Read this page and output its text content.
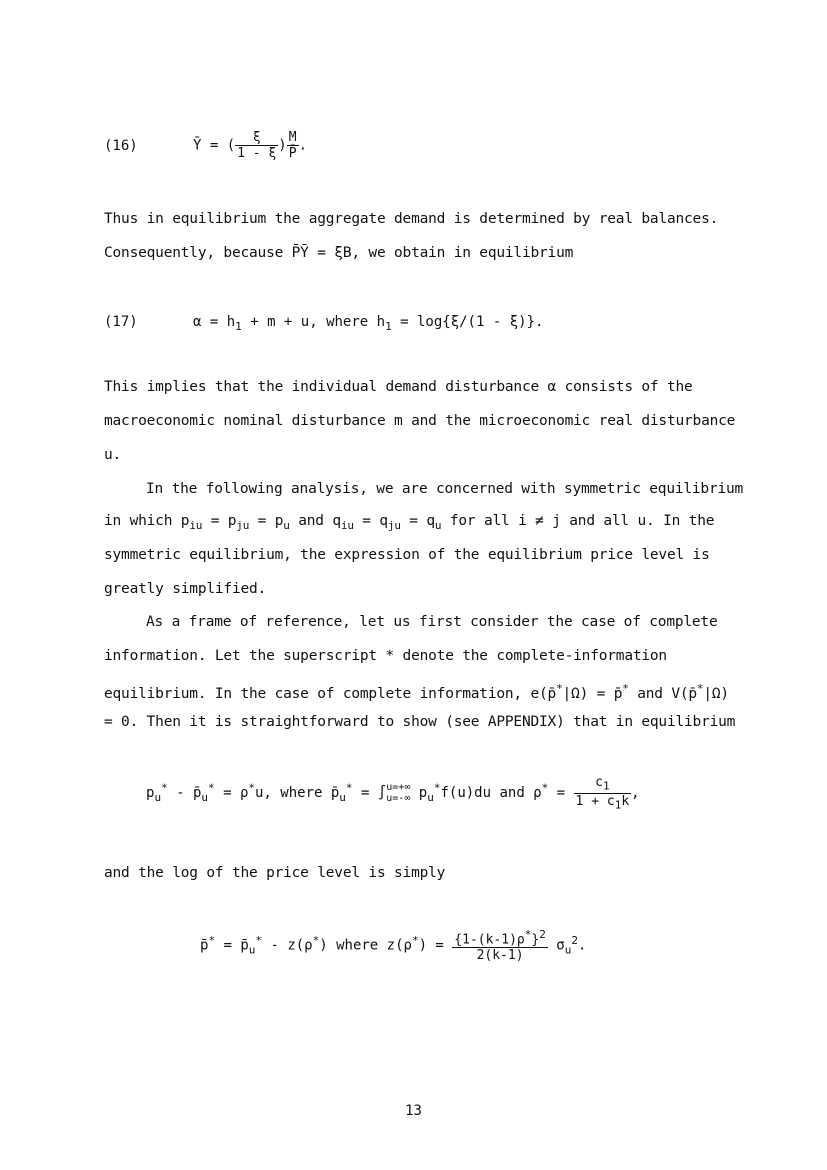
(16)	Ȳ = ( $\frac{\xi}{1 - \xi}$ ) $\frac{M}{P̄}$ .
Thus in equilibrium the aggregate demand is determined by real balances.
Consequently, because P̄Ȳ = ξB, we obtain in equilibrium
(17)	$\alpha = h_1 + m + u$, where $h_1 = \log\{\xi/(1 - \xi)\}$.
This implies that the individual demand disturbance α consists of the
macroeconomic nominal disturbance m and the microeconomic real disturbance
u.
In the following analysis, we are concerned with symmetric equilibrium
in which $p_{iu} = p_{ju} = p_u$ and $q_{iu} = q_{ju} = q_u$ for all i ≠ j and all u. In the
symmetric equilibrium, the expression of the equilibrium price level is
greatly simplified.
As a frame of reference, let us first consider the case of complete
information. Let the superscript * denote the complete-information
equilibrium. In the case of complete information, e(p̄*|Ω) = p̄* and V(p̄*|Ω)
= 0. Then it is straightforward to show (see APPENDIX) that in equilibrium
$p_u^*$ - $p̄_u^* = \rho^*u$, where $p̄_u^*$ = ∫ u=+∞
u=-∞ $p_u^*f(u)du$ and $\rho^* = \frac{c_1}{1 + c_1k}$ ,
and the log of the price level is simply
p̄* = $p̄_u^* - z(\rho^*)$ where $z(\rho^*) = \frac{\{1-(k-1)\rho^*\}^2}{2(k-1)} \sigma_u^2$.
13
